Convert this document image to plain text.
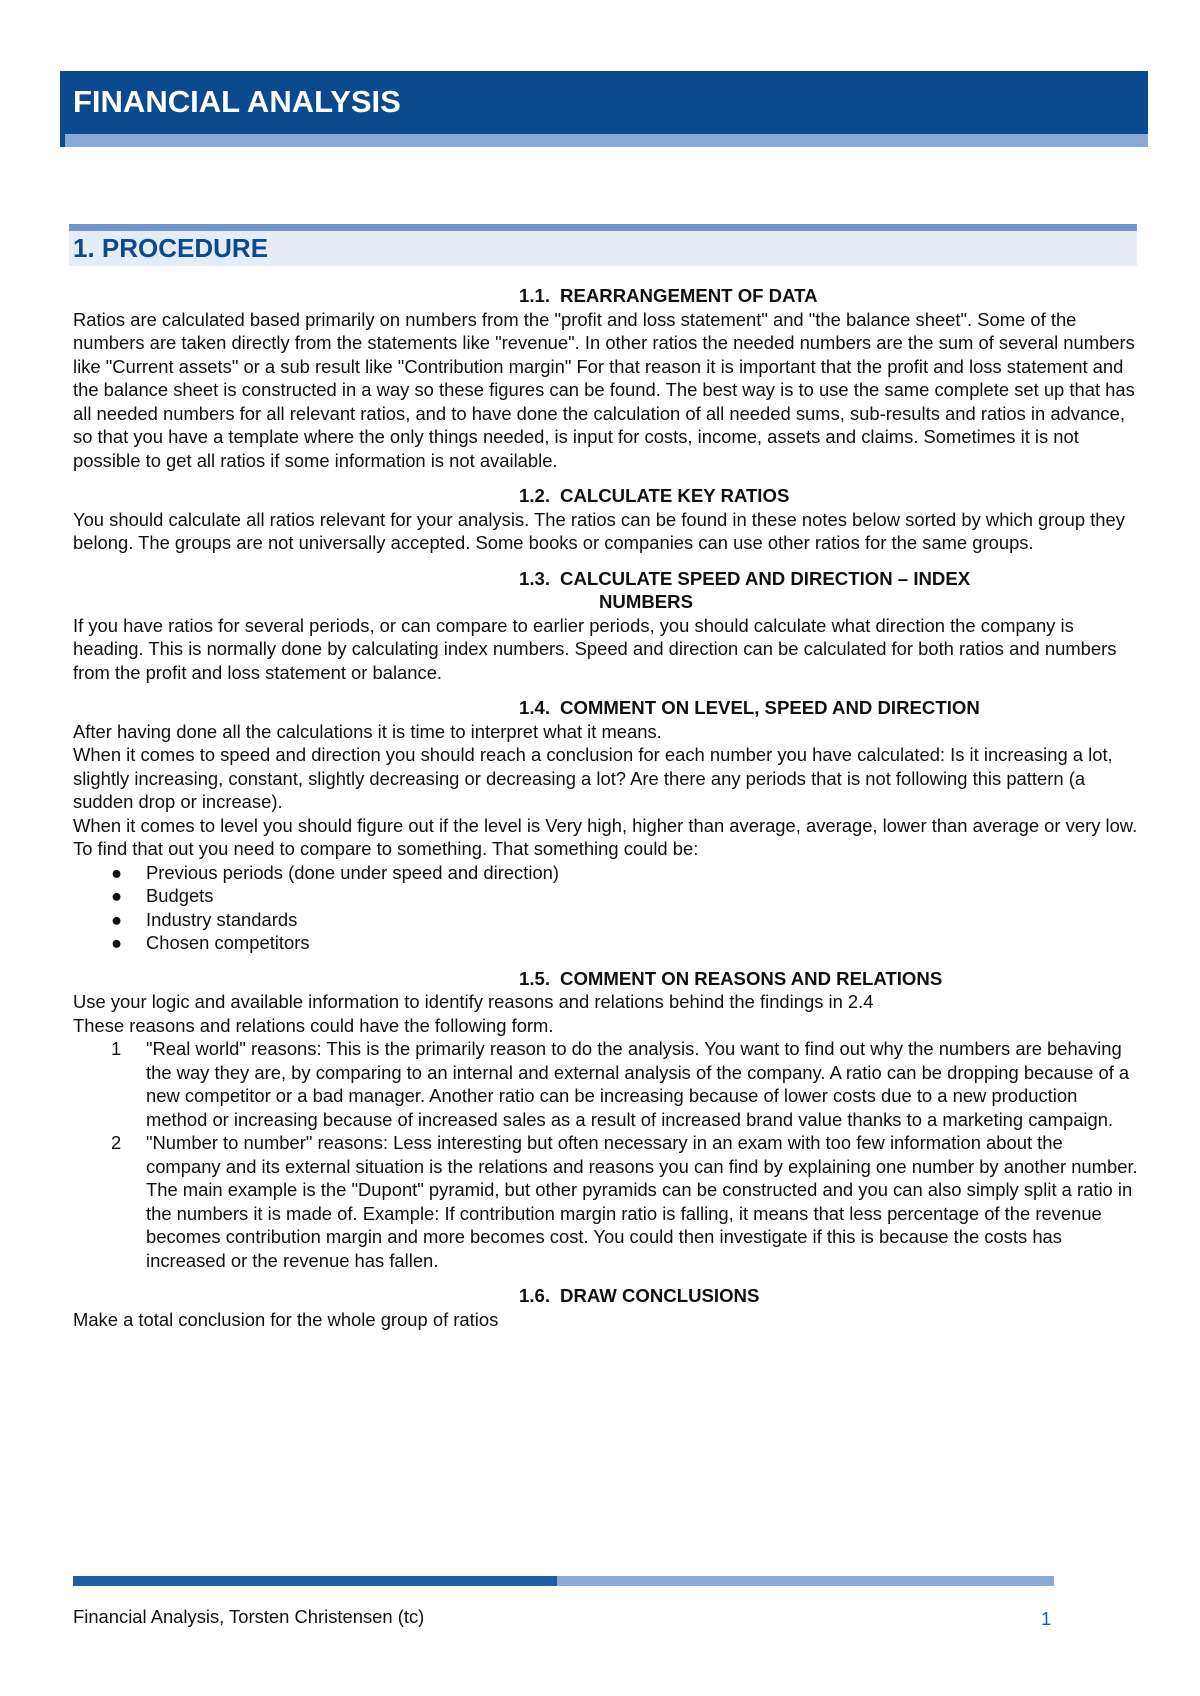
FINANCIAL ANALYSIS
1. PROCEDURE
1.1. REARRANGEMENT OF DATA

Ratios are calculated based primarily on numbers from the "profit and loss statement" and "the balance sheet". Some of the numbers are taken directly from the statements like "revenue". In other ratios the needed numbers are the sum of several numbers like "Current assets" or a sub result like "Contribution margin" For that reason it is important that the profit and loss statement and the balance sheet is constructed in a way so these figures can be found. The best way is to use the same complete set up that has all needed numbers for all relevant ratios, and to have done the calculation of all needed sums, sub-results and ratios in advance, so that you have a template where the only things needed, is input for costs, income, assets and claims. Sometimes it is not possible to get all ratios if some information is not available.

1.2. CALCULATE KEY RATIOS

You should calculate all ratios relevant for your analysis. The ratios can be found in these notes below sorted by which group they belong. The groups are not universally accepted. Some books or companies can use other ratios for the same groups.

1.3. CALCULATE SPEED AND DIRECTION – INDEX
NUMBERS

If you have ratios for several periods, or can compare to earlier periods, you should calculate what direction the company is heading. This is normally done by calculating index numbers. Speed and direction can be calculated for both ratios and numbers from the profit and loss statement or balance.

1.4. COMMENT ON LEVEL, SPEED AND DIRECTION

After having done all the calculations it is time to interpret what it means.

When it comes to speed and direction you should reach a conclusion for each number you have calculated: Is it increasing a lot, slightly increasing, constant, slightly decreasing or decreasing a lot? Are there any periods that is not following this pattern (a sudden drop or increase).

When it comes to level you should figure out if the level is Very high, higher than average, average, lower than average or very low. To find that out you need to compare to something. That something could be:

● Previous periods (done under speed and direction)
● Budgets
● Industry standards
● Chosen competitors
1.5. COMMENT ON REASONS AND RELATIONS

Use your logic and available information to identify reasons and relations behind the findings in 2.4

These reasons and relations could have the following form.

1	"Real world" reasons: This is the primarily reason to do the analysis. You want to find out why the numbers are behaving the way they are, by comparing to an internal and external analysis of the company. A ratio can be dropping because of a new competitor or a bad manager. Another ratio can be increasing because of lower costs due to a new production method or increasing because of increased sales as a result of increased brand value thanks to a marketing campaign.
2	"Number to number" reasons: Less interesting but often necessary in an exam with too few information about the company and its external situation is the relations and reasons you can find by explaining one number by another number. The main example is the "Dupont" pyramid, but other pyramids can be constructed and you can also simply split a ratio in the numbers it is made of. Example: If contribution margin ratio is falling, it means that less percentage of the revenue becomes contribution margin and more becomes cost. You could then investigate if this is because the costs has increased or the revenue has fallen.
1.6. DRAW CONCLUSIONS

Make a total conclusion for the whole group of ratios

Financial Analysis, Torsten Christensen (tc)	1
